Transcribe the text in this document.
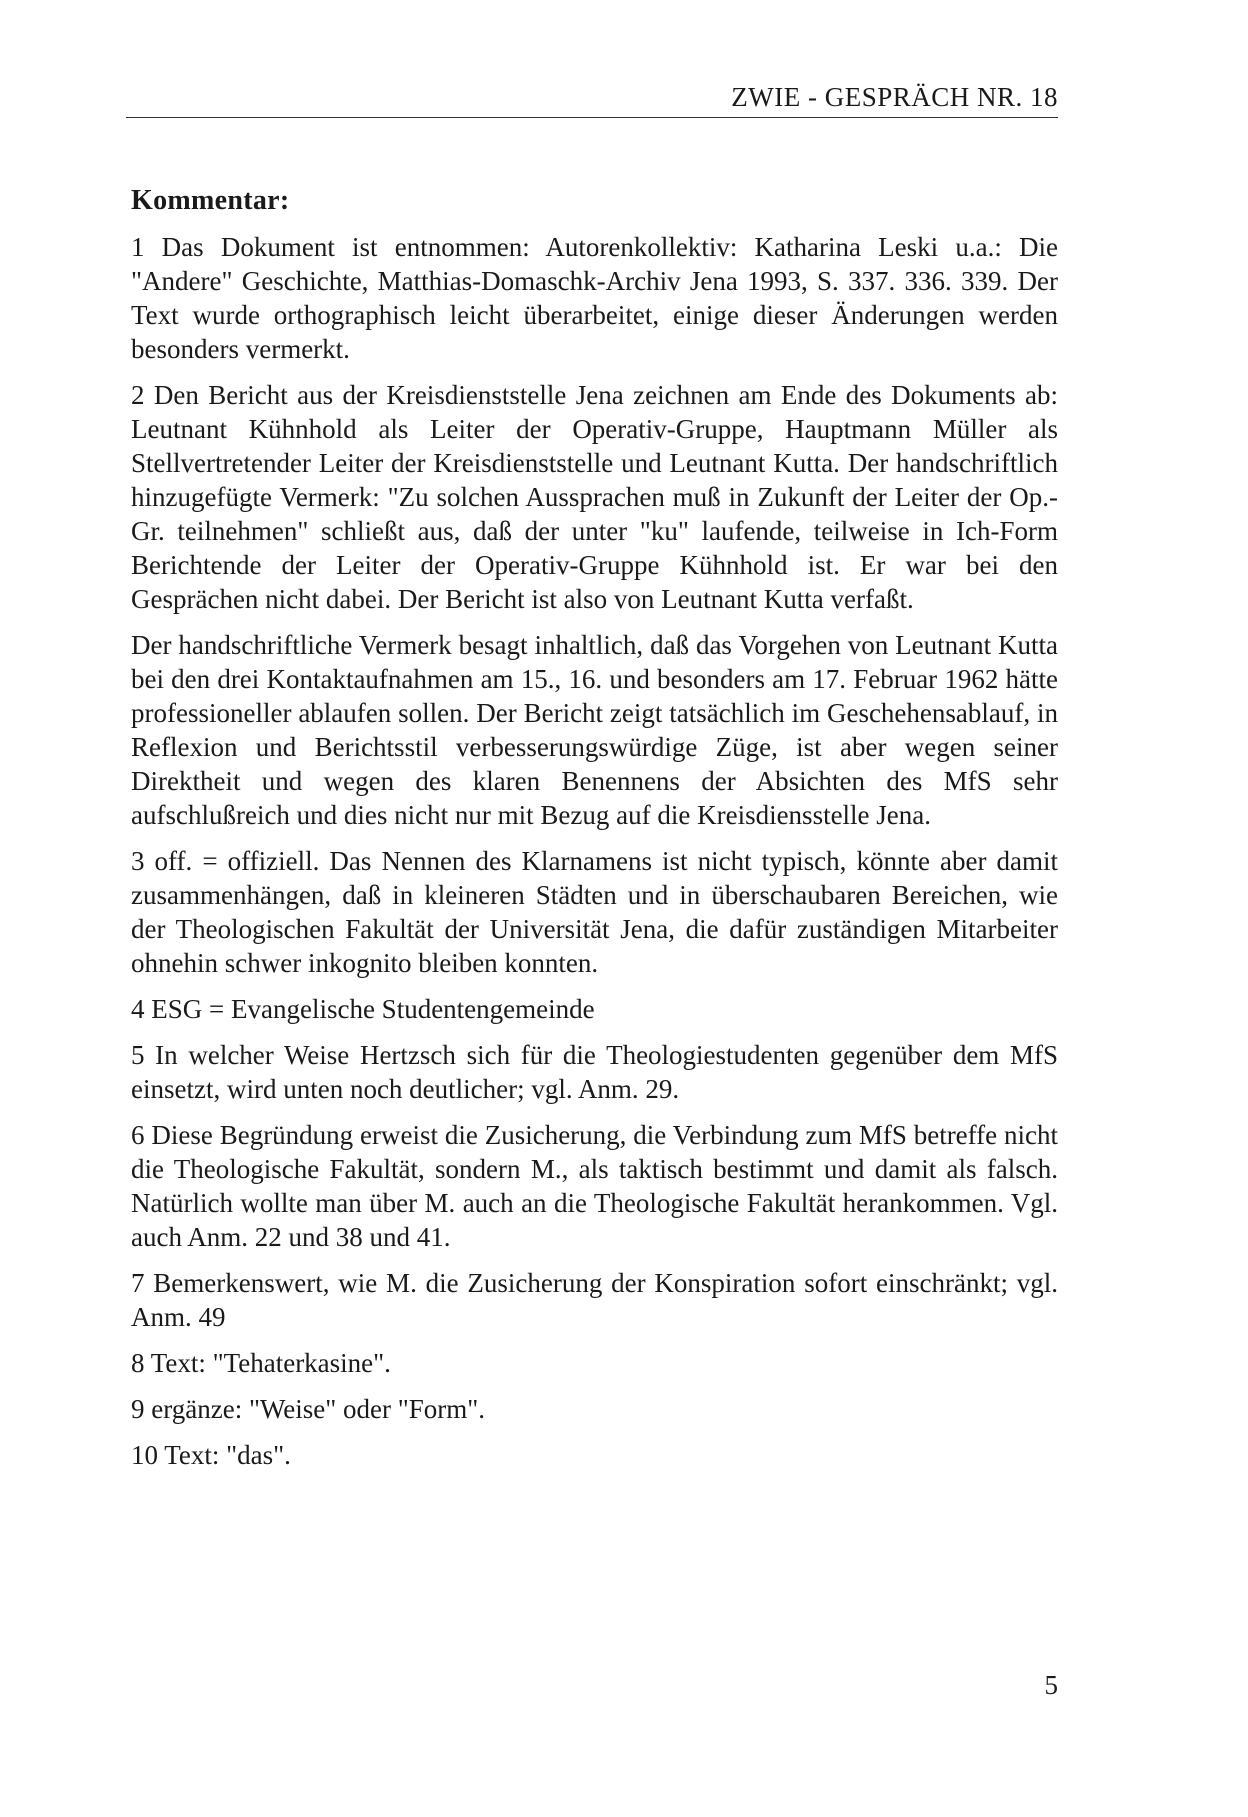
ZWIE - GESPRÄCH NR. 18
Kommentar:

1 Das Dokument ist entnommen: Autorenkollektiv: Katharina Leski u.a.: Die "Andere" Geschichte, Matthias-Domaschk-Archiv Jena 1993, S. 337. 336. 339. Der Text wurde orthographisch leicht überarbeitet, einige dieser Änderungen werden besonders vermerkt.

2 Den Bericht aus der Kreisdienststelle Jena zeichnen am Ende des Dokuments ab: Leutnant Kühnhold als Leiter der Operativ-Gruppe, Hauptmann Müller als Stellvertretender Leiter der Kreisdienststelle und Leutnant Kutta. Der handschriftlich hinzugefügte Vermerk: "Zu solchen Aussprachen muß in Zukunft der Leiter der Op.-Gr. teilnehmen" schließt aus, daß der unter "ku" laufende, teilweise in Ich-Form Berichtende der Leiter der Operativ-Gruppe Kühnhold ist. Er war bei den Gesprächen nicht dabei. Der Bericht ist also von Leutnant Kutta verfaßt.

Der handschriftliche Vermerk besagt inhaltlich, daß das Vorgehen von Leutnant Kutta bei den drei Kontaktaufnahmen am 15., 16. und besonders am 17. Februar 1962 hätte professioneller ablaufen sollen. Der Bericht zeigt tatsächlich im Geschehensablauf, in Reflexion und Berichtsstil verbesserungswürdige Züge, ist aber wegen seiner Direktheit und wegen des klaren Benennens der Absichten des MfS sehr aufschlußreich und dies nicht nur mit Bezug auf die Kreisdiensstelle Jena.

3 off. = offiziell. Das Nennen des Klarnamens ist nicht typisch, könnte aber damit zusammenhängen, daß in kleineren Städten und in überschaubaren Bereichen, wie der Theologischen Fakultät der Universität Jena, die dafür zuständigen Mitarbeiter ohnehin schwer inkognito bleiben konnten.

4 ESG = Evangelische Studentengemeinde

5 In welcher Weise Hertzsch sich für die Theologiestudenten gegenüber dem MfS einsetzt, wird unten noch deutlicher; vgl. Anm. 29.

6 Diese Begründung erweist die Zusicherung, die Verbindung zum MfS betreffe nicht die Theologische Fakultät, sondern M., als taktisch bestimmt und damit als falsch. Natürlich wollte man über M. auch an die Theologische Fakultät herankommen. Vgl. auch Anm. 22 und 38 und 41.

7 Bemerkenswert, wie M. die Zusicherung der Konspiration sofort einschränkt; vgl. Anm. 49

8 Text: "Tehaterkasine".

9 ergänze: "Weise" oder "Form".

10 Text: "das".

5
